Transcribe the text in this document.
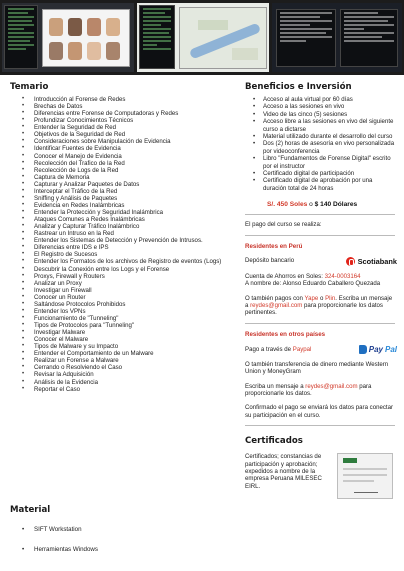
Temario
• Introducción al Forense de Redes
• Brechas de Datos
• Diferencias entre Forense de Computadoras y Redes
• Profundizar Conocimientos Técnicos
• Entender la Seguridad de Red
• Objetivos de la Seguridad de Red
• Consideraciones sobre Manipulación de Evidencia
• Identificar Fuentes de Evidencia
• Conocer el Manejo de Evidencia
• Recolección del Trafico de la Red
• Recolección de Logs de la Red
• Captura de Memoria
• Capturar y Analizar Paquetes de Datos
• Interceptar el Tráfico de la Red
• Sniffing y Análisis de Paquetes
• Evidencia en Redes Inalámbricas
• Entender la Protección y Seguridad Inalámbrica
• Ataques Comunes a Redes Inalámbricas
• Analizar y Capturar Tráfico Inalámbrico
• Rastrear un Intruso en la Red
• Entender los Sistemas de Detección y Prevención de Intrusos.
• Diferencias entre IDS e IPS
• El Registro de Sucesos
• Entender los Formatos de los archivos de Registro de eventos (Logs)
• Descubrir la Conexión entre los Logs y el Forense
• Proxys, Firewall y Routers
• Analizar un Proxy
• Investigar un Firewall
• Conocer un Router
• Saltándose Protocolos Prohibidos
• Entender los VPNs
• Funcionamiento de "Tunneling"
• Tipos de Protocolos para "Tunneling"
• Investigar Malware
• Conocer el Malware
• Tipos de Malware y su Impacto
• Entender el Comportamiento de un Malware
• Realizar un Forense a Malware
• Cerrando o Resolviendo el Caso
• Revisar la Adquisición
• Análisis de la Evidencia
• Reportar el Caso
Material
• SIFT Workstation
• Herramientas Windows
Beneficios e Inversión
• Acceso al aula virtual por 60 días
• Acceso a las sesiones en vivo
• Video de las cinco (5) sesiones
• Acceso libre a las sesiones en vivo del siguiente curso a dictarse
• Material utilizado durante el desarrollo del curso
• Dos (2) horas de asesoría en vivo personalizada por videoconferencia
• Libro "Fundamentos de Forense Digital" escrito por el instructor
• Certificado digital de participación
• Certificado digital de aprobación por una duración total de 24 horas
S/. 450 Soles o $ 140 Dólares

El pago del curso se realiza:

Residentes en Perú

Depósito bancario	Scotiabank

Cuenta de Ahorros en Soles: 324-0003164
A nombre de: Alonso Eduardo Caballero Quezada

O también pagos con Yape o Plin. Escriba un mensaje a reydes@gmail.com para proporcionarle los datos pertinentes.

Residentes en otros países

Pago a través de Paypal	Pay Pal

O también transferencia de dinero mediante Western Union y MoneyGram

Escriba un mensaje a reydes@gmail.com para proporcionarle los datos.

Confirmado el pago se enviará los datos para conectar su participación en el curso.

Certificados

Certificados; constancias de participación y aprobación; expedidos a nombre de la empresa Peruana MILESEC EIRL.
